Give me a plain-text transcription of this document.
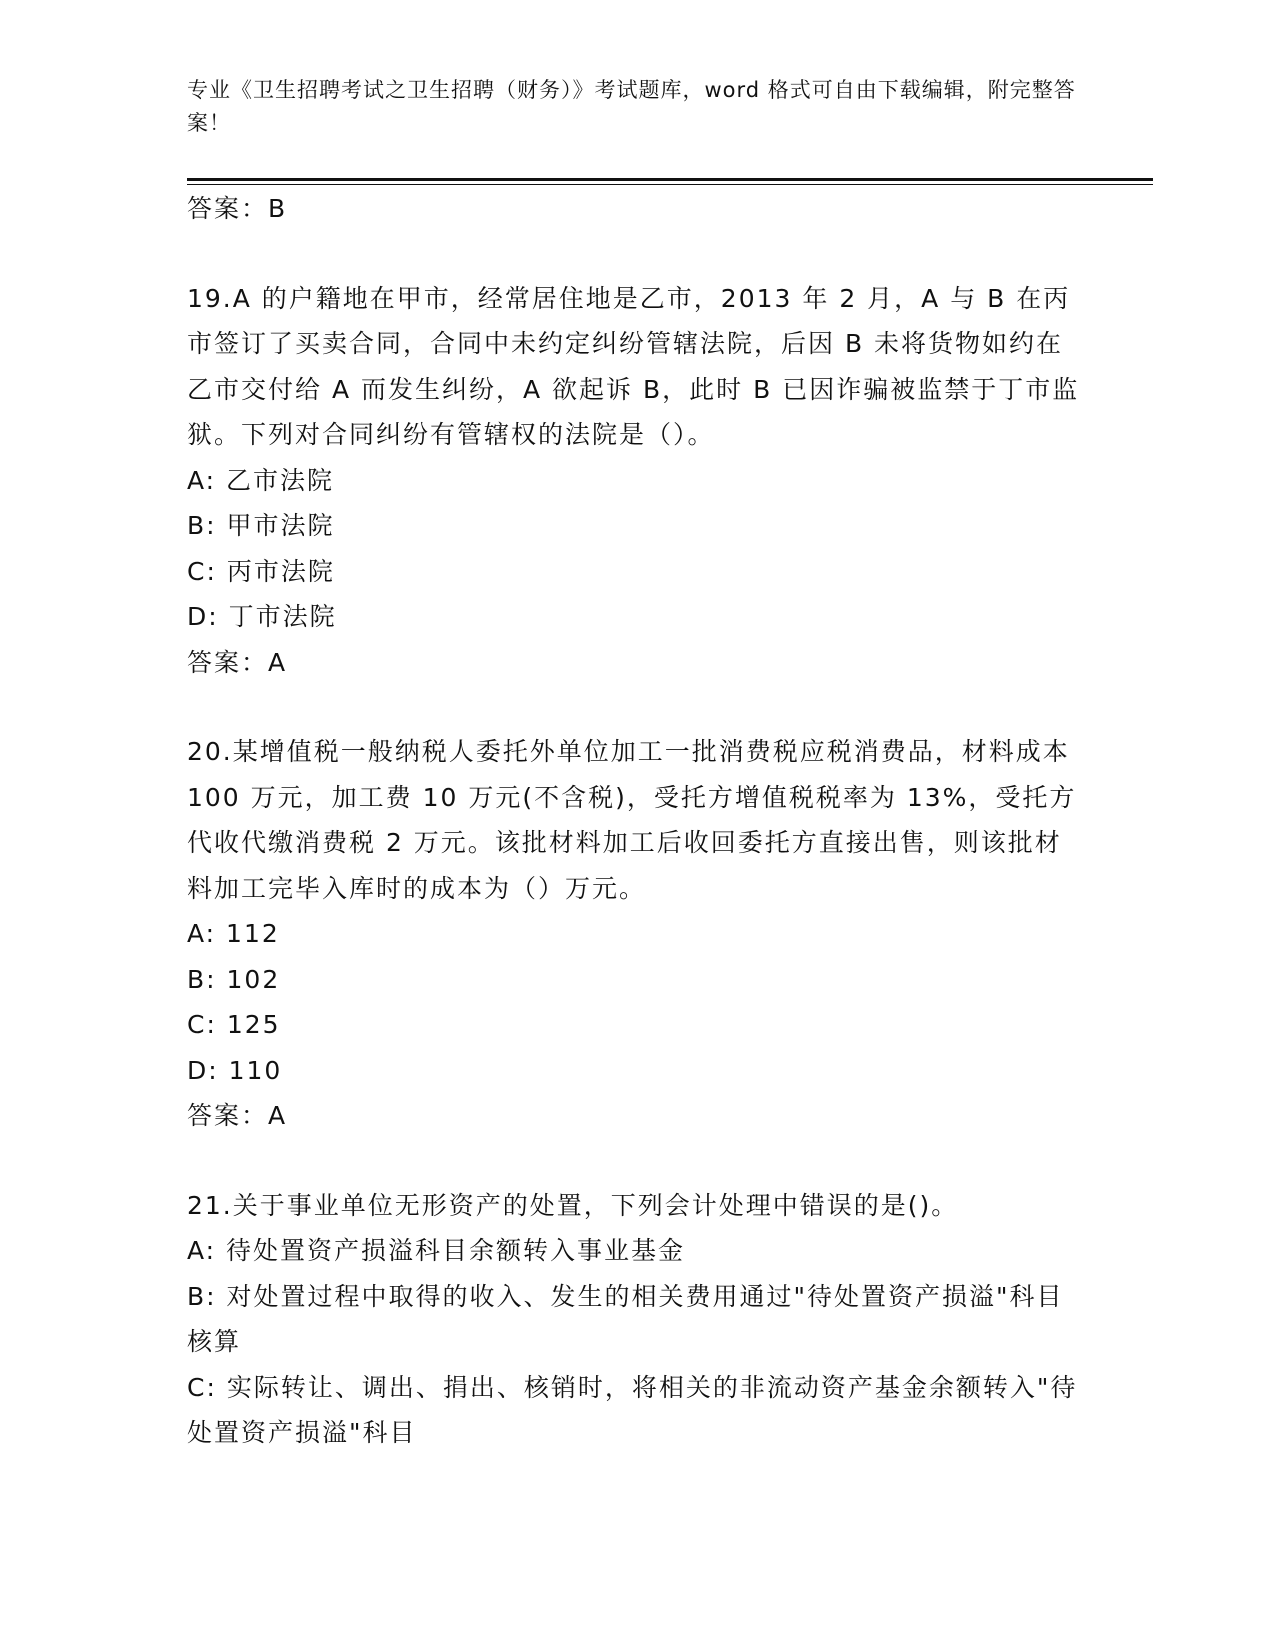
专业《卫生招聘考试之卫生招聘（财务）》考试题库，word 格式可自由下载编辑，附完整答案！
答案：B
19.A 的户籍地在甲市，经常居住地是乙市，2013 年 2 月，A 与 B 在丙市签订了买卖合同，合同中未约定纠纷管辖法院，后因 B 未将货物如约在乙市交付给 A 而发生纠纷，A 欲起诉 B，此时 B 已因诈骗被监禁于丁市监狱。下列对合同纠纷有管辖权的法院是（）。
A: 乙市法院
B: 甲市法院
C: 丙市法院
D: 丁市法院
答案：A
20.某增值税一般纳税人委托外单位加工一批消费税应税消费品，材料成本 100 万元，加工费 10 万元(不含税)，受托方增值税税率为 13%，受托方代收代缴消费税 2 万元。该批材料加工后收回委托方直接出售，则该批材料加工完毕入库时的成本为（）万元。
A: 112
B: 102
C: 125
D: 110
答案：A
21.关于事业单位无形资产的处置，下列会计处理中错误的是()。
A: 待处置资产损溢科目余额转入事业基金
B: 对处置过程中取得的收入、发生的相关费用通过"待处置资产损溢"科目核算
C: 实际转让、调出、捐出、核销时，将相关的非流动资产基金余额转入"待处置资产损溢"科目
